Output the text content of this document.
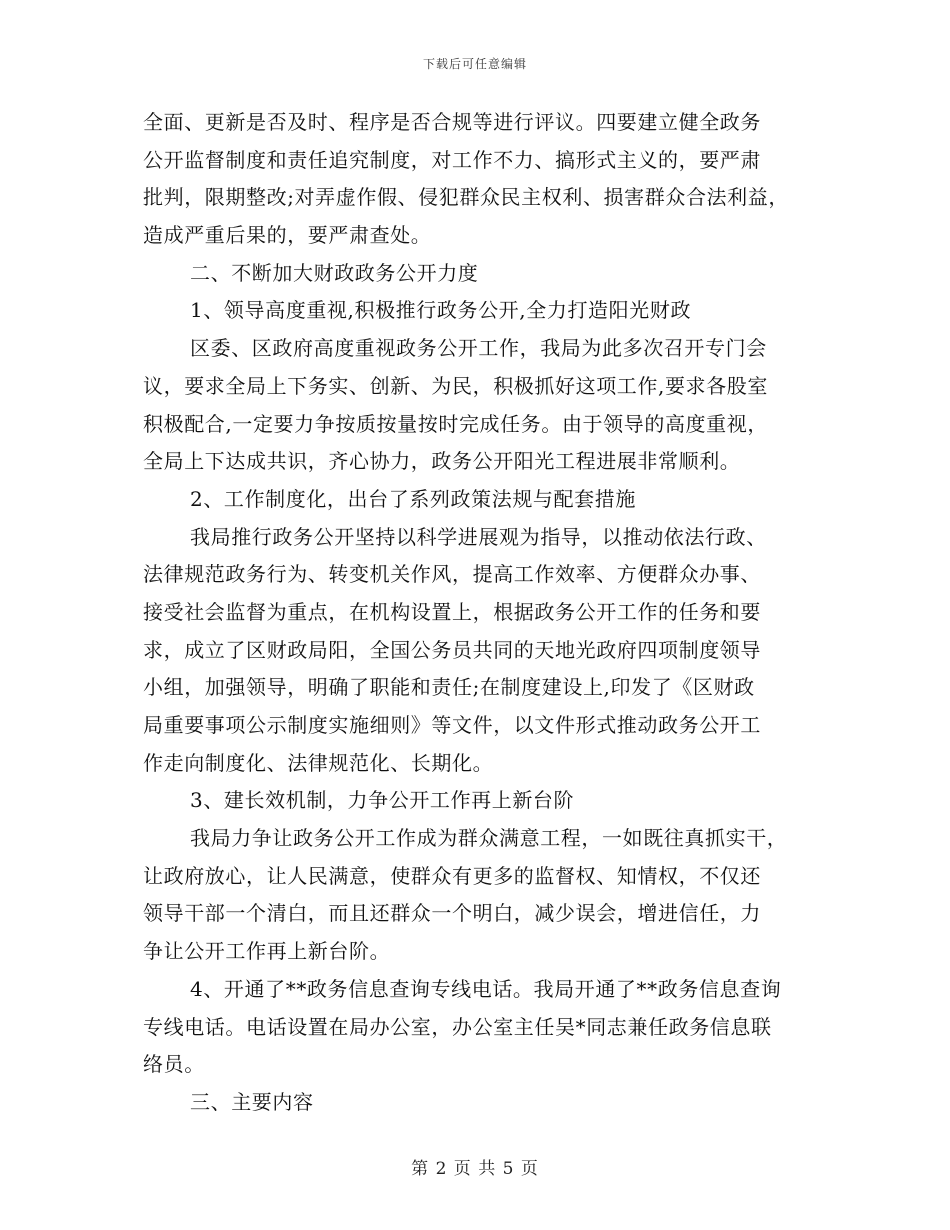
下载后可任意编辑
全面、更新是否及时、程序是否合规等进行评议。四要建立健全政务
公开监督制度和责任追究制度，对工作不力、搞形式主义的，要严肃
批判，限期整改;对弄虚作假、侵犯群众民主权利、损害群众合法利益，
造成严重后果的，要严肃查处。
二、不断加大财政政务公开力度
1、领导高度重视,积极推行政务公开,全力打造阳光财政
区委、区政府高度重视政务公开工作，我局为此多次召开专门会
议，要求全局上下务实、创新、为民，积极抓好这项工作,要求各股室
积极配合,一定要力争按质按量按时完成任务。由于领导的高度重视，
全局上下达成共识，齐心协力，政务公开阳光工程进展非常顺利。
2、工作制度化，出台了系列政策法规与配套措施
我局推行政务公开坚持以科学进展观为指导，以推动依法行政、
法律规范政务行为、转变机关作风，提高工作效率、方便群众办事、
接受社会监督为重点，在机构设置上，根据政务公开工作的任务和要
求，成立了区财政局阳，全国公务员共同的天地光政府四项制度领导
小组，加强领导，明确了职能和责任;在制度建设上,印发了《区财政
局重要事项公示制度实施细则》等文件，以文件形式推动政务公开工
作走向制度化、法律规范化、长期化。
3、建长效机制，力争公开工作再上新台阶
我局力争让政务公开工作成为群众满意工程，一如既往真抓实干，
让政府放心，让人民满意，使群众有更多的监督权、知情权，不仅还
领导干部一个清白，而且还群众一个明白，减少误会，增进信任，力
争让公开工作再上新台阶。
4、开通了**政务信息查询专线电话。我局开通了**政务信息查询
专线电话。电话设置在局办公室，办公室主任吴*同志兼任政务信息联
络员。
三、主要内容
第 2 页 共 5 页
